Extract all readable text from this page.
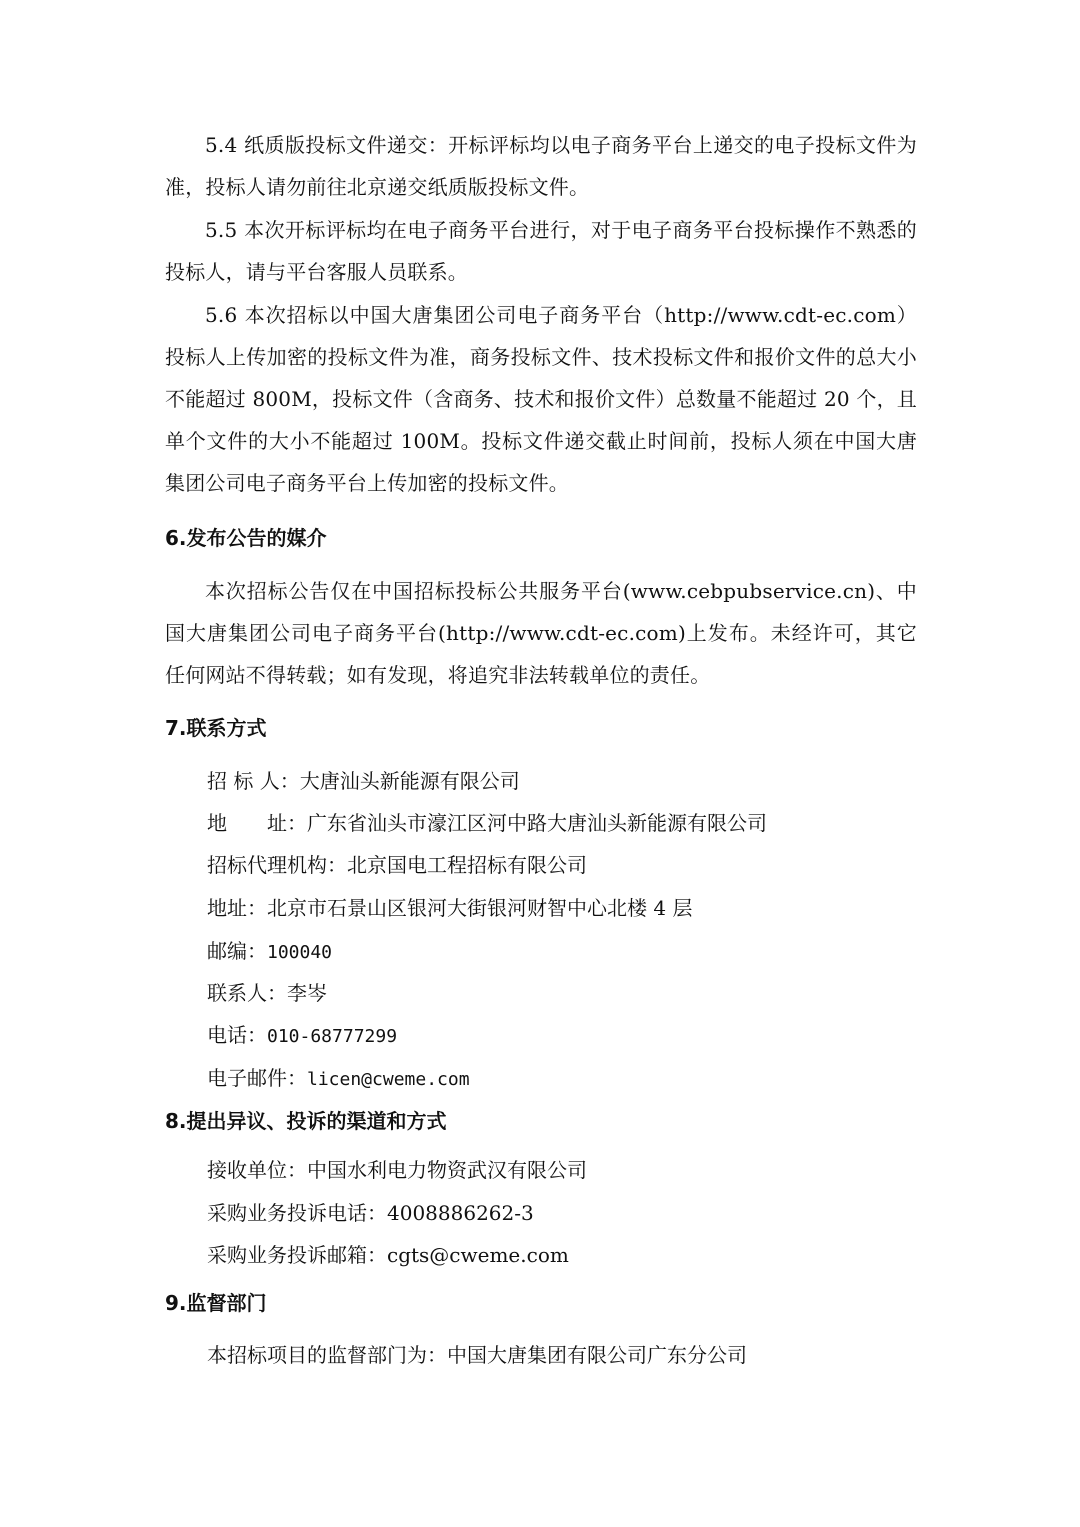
5.4 纸质版投标文件递交：开标评标均以电子商务平台上递交的电子投标文件为准，投标人请勿前往北京递交纸质版投标文件。
5.5 本次开标评标均在电子商务平台进行，对于电子商务平台投标操作不熟悉的投标人，请与平台客服人员联系。
5.6 本次招标以中国大唐集团公司电子商务平台（http://www.cdt-ec.com）投标人上传加密的投标文件为准，商务投标文件、技术投标文件和报价文件的总大小不能超过 800M，投标文件（含商务、技术和报价文件）总数量不能超过 20 个，且单个文件的大小不能超过 100M。投标文件递交截止时间前，投标人须在中国大唐集团公司电子商务平台上传加密的投标文件。
6.发布公告的媒介
本次招标公告仅在中国招标投标公共服务平台(www.cebpubservice.cn)、中国大唐集团公司电子商务平台(http://www.cdt-ec.com)上发布。未经许可，其它任何网站不得转载；如有发现，将追究非法转载单位的责任。
7.联系方式
招 标 人：大唐汕头新能源有限公司
地　　址：广东省汕头市濠江区河中路大唐汕头新能源有限公司
招标代理机构：北京国电工程招标有限公司
地址：北京市石景山区银河大街银河财智中心北楼 4 层
邮编：100040
联系人：李岑
电话：010-68777299
电子邮件：licen@cweme.com
8.提出异议、投诉的渠道和方式
接收单位：中国水利电力物资武汉有限公司
采购业务投诉电话：4008886262-3
采购业务投诉邮箱：cgts@cweme.com
9.监督部门
本招标项目的监督部门为：中国大唐集团有限公司广东分公司
